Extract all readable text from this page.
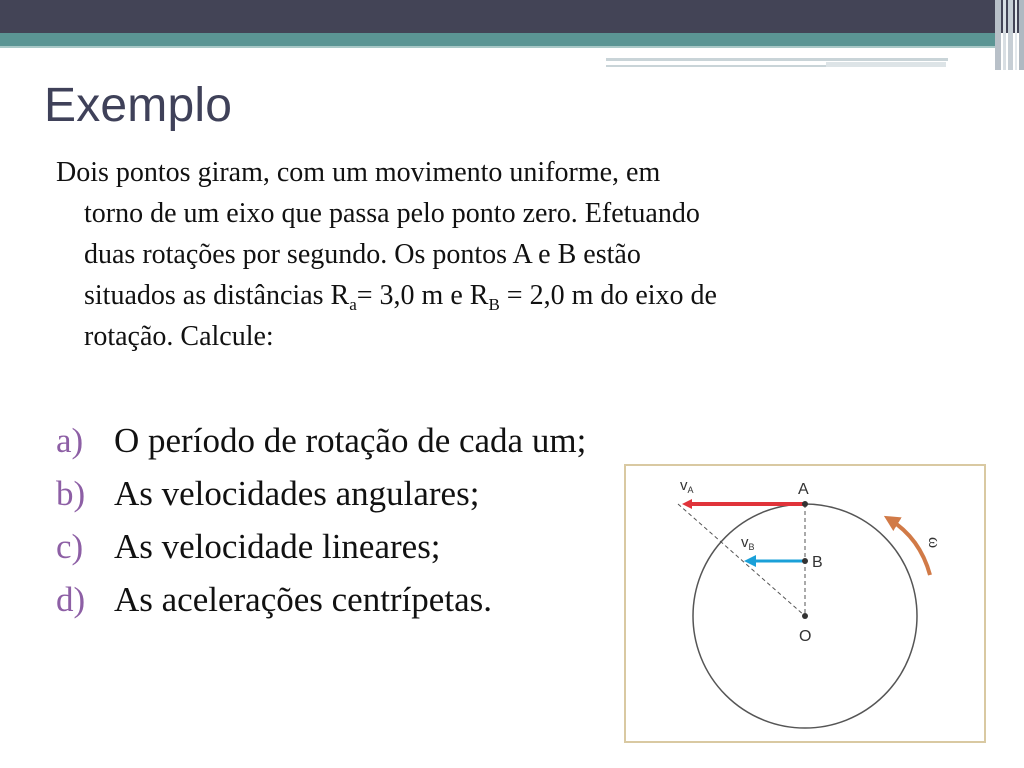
Exemplo
Dois pontos giram, com um movimento uniforme, em
torno de um eixo que passa pelo ponto zero. Efetuando
duas rotações por segundo. Os pontos A e B estão
situados as distâncias $R_a= 3,0$ m e $R_B = 2,0$ m do eixo de
rotação. Calcule:
a) O período de rotação de cada um;
b) As velocidades angulares;
c) As velocidade lineares;
d) As acelerações centrípetas.
$v_A$
$v_B$
A
B
O
ω
